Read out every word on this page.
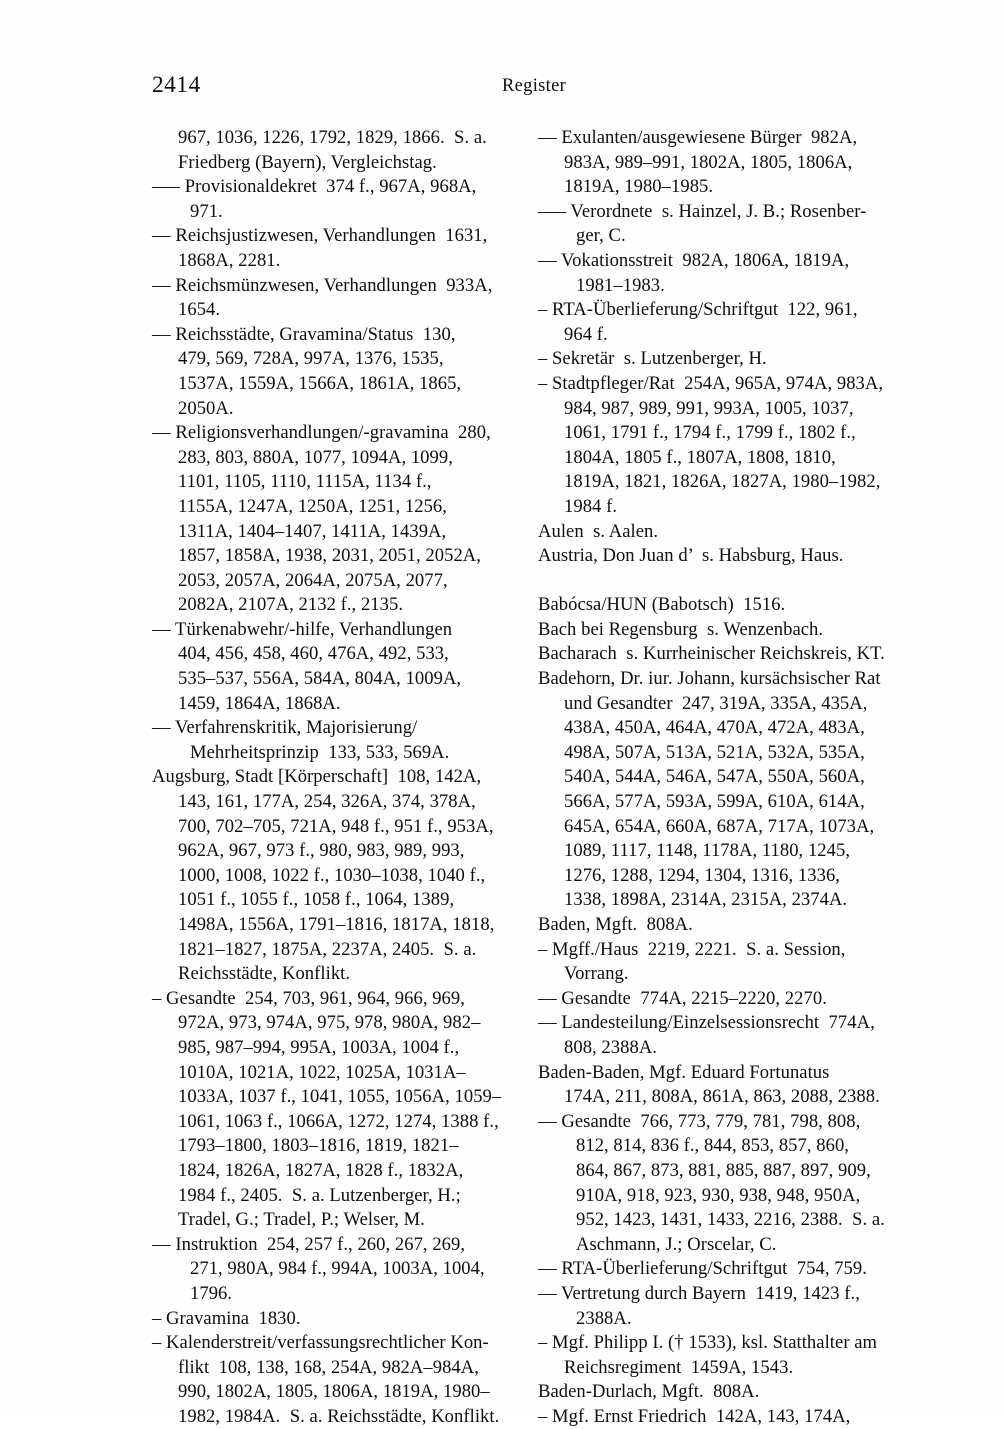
2414	Register
967, 1036, 1226, 1792, 1829, 1866.  S. a.
Friedberg (Bayern), Vergleichstag.
––– Provisionaldekret  374 f., 967A, 968A,
971.
–– Reichsjustizwesen, Verhandlungen  1631,
1868A, 2281.
–– Reichsmünzwesen, Verhandlungen  933A,
1654.
–– Reichsstädte, Gravamina/Status  130,
479, 569, 728A, 997A, 1376, 1535,
1537A, 1559A, 1566A, 1861A, 1865,
2050A.
–– Religionsverhandlungen/-gravamina  280,
283, 803, 880A, 1077, 1094A, 1099,
1101, 1105, 1110, 1115A, 1134 f.,
1155A, 1247A, 1250A, 1251, 1256,
1311A, 1404–1407, 1411A, 1439A,
1857, 1858A, 1938, 2031, 2051, 2052A,
2053, 2057A, 2064A, 2075A, 2077,
2082A, 2107A, 2132 f., 2135.
–– Türkenabwehr/-hilfe, Verhandlungen
404, 456, 458, 460, 476A, 492, 533,
535–537, 556A, 584A, 804A, 1009A,
1459, 1864A, 1868A.
–– Verfahrenskritik, Majorisierung/
Mehrheitsprinzip  133, 533, 569A.
Augsburg, Stadt [Körperschaft]  108, 142A,
143, 161, 177A, 254, 326A, 374, 378A,
700, 702–705, 721A, 948 f., 951 f., 953A,
962A, 967, 973 f., 980, 983, 989, 993,
1000, 1008, 1022 f., 1030–1038, 1040 f.,
1051 f., 1055 f., 1058 f., 1064, 1389,
1498A, 1556A, 1791–1816, 1817A, 1818,
1821–1827, 1875A, 2237A, 2405.  S. a.
Reichsstädte, Konflikt.
– Gesandte  254, 703, 961, 964, 966, 969,
972A, 973, 974A, 975, 978, 980A, 982–
985, 987–994, 995A, 1003A, 1004 f.,
1010A, 1021A, 1022, 1025A, 1031A–
1033A, 1037 f., 1041, 1055, 1056A, 1059–
1061, 1063 f., 1066A, 1272, 1274, 1388 f.,
1793–1800, 1803–1816, 1819, 1821–
1824, 1826A, 1827A, 1828 f., 1832A,
1984 f., 2405.  S. a. Lutzenberger, H.;
Tradel, G.; Tradel, P.; Welser, M.
–– Instruktion  254, 257 f., 260, 267, 269,
271, 980A, 984 f., 994A, 1003A, 1004,
1796.
– Gravamina  1830.
– Kalenderstreit/verfassungsrechtlicher Kon-
flikt  108, 138, 168, 254A, 982A–984A,
990, 1802A, 1805, 1806A, 1819A, 1980–
1982, 1984A.  S. a. Reichsstädte, Konflikt.
–– Exulanten/ausgewiesene Bürger  982A,
983A, 989–991, 1802A, 1805, 1806A,
1819A, 1980–1985.
––– Verordnete  s. Hainzel, J. B.; Rosenber-
ger, C.
–– Vokationsstreit  982A, 1806A, 1819A,
1981–1983.
– RTA-Überlieferung/Schriftgut  122, 961,
964 f.
– Sekretär  s. Lutzenberger, H.
– Stadtpfleger/Rat  254A, 965A, 974A, 983A,
984, 987, 989, 991, 993A, 1005, 1037,
1061, 1791 f., 1794 f., 1799 f., 1802 f.,
1804A, 1805 f., 1807A, 1808, 1810,
1819A, 1821, 1826A, 1827A, 1980–1982,
1984 f.
Aulen  s. Aalen.
Austria, Don Juan d’  s. Habsburg, Haus.
Babócsa/HUN (Babotsch)  1516.
Bach bei Regensburg  s. Wenzenbach.
Bacharach  s. Kurrheinischer Reichskreis, KT.
Badehorn, Dr. iur. Johann, kursächsischer Rat
und Gesandter  247, 319A, 335A, 435A,
438A, 450A, 464A, 470A, 472A, 483A,
498A, 507A, 513A, 521A, 532A, 535A,
540A, 544A, 546A, 547A, 550A, 560A,
566A, 577A, 593A, 599A, 610A, 614A,
645A, 654A, 660A, 687A, 717A, 1073A,
1089, 1117, 1148, 1178A, 1180, 1245,
1276, 1288, 1294, 1304, 1316, 1336,
1338, 1898A, 2314A, 2315A, 2374A.
Baden, Mgft.  808A.
– Mgff./Haus  2219, 2221.  S. a. Session,
Vorrang.
–– Gesandte  774A, 2215–2220, 2270.
–– Landesteilung/Einzelsessionsrecht  774A,
808, 2388A.
Baden-Baden, Mgf. Eduard Fortunatus
174A, 211, 808A, 861A, 863, 2088, 2388.
–– Gesandte  766, 773, 779, 781, 798, 808,
812, 814, 836 f., 844, 853, 857, 860,
864, 867, 873, 881, 885, 887, 897, 909,
910A, 918, 923, 930, 938, 948, 950A,
952, 1423, 1431, 1433, 2216, 2388.  S. a.
Aschmann, J.; Orscelar, C.
–– RTA-Überlieferung/Schriftgut  754, 759.
–– Vertretung durch Bayern  1419, 1423 f.,
2388A.
– Mgf. Philipp I. († 1533), ksl. Statthalter am
Reichsregiment  1459A, 1543.
Baden-Durlach, Mgft.  808A.
– Mgf. Ernst Friedrich  142A, 143, 174A,
